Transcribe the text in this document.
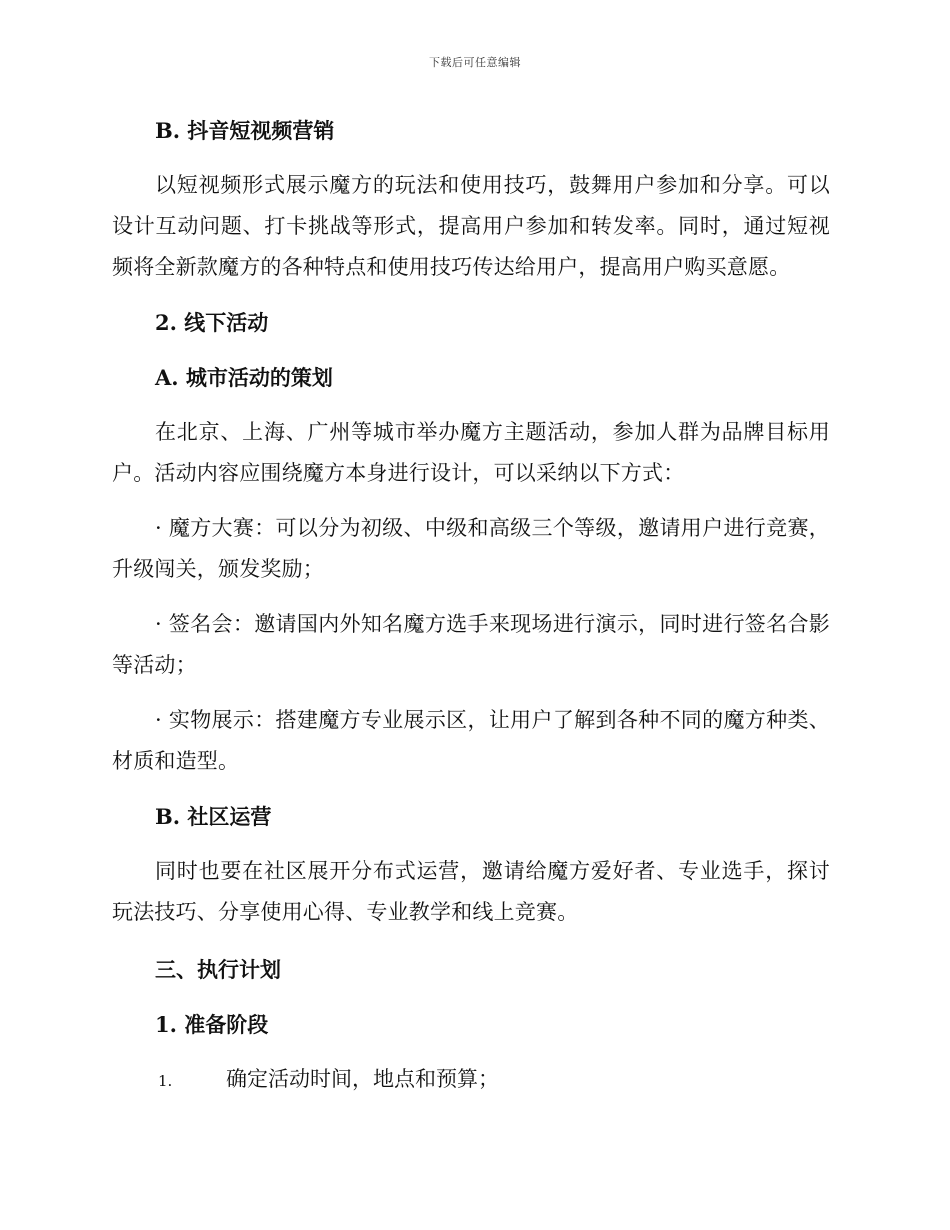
下载后可任意编辑

B. 抖音短视频营销

以短视频形式展示魔方的玩法和使用技巧，鼓舞用户参加和分享。可以设计互动问题、打卡挑战等形式，提高用户参加和转发率。同时，通过短视频将全新款魔方的各种特点和使用技巧传达给用户，提高用户购买意愿。

2. 线下活动

A. 城市活动的策划

在北京、上海、广州等城市举办魔方主题活动，参加人群为品牌目标用户。活动内容应围绕魔方本身进行设计，可以采纳以下方式：

· 魔方大赛：可以分为初级、中级和高级三个等级，邀请用户进行竞赛，升级闯关，颁发奖励；

· 签名会：邀请国内外知名魔方选手来现场进行演示，同时进行签名合影等活动；

· 实物展示：搭建魔方专业展示区，让用户了解到各种不同的魔方种类、材质和造型。

B. 社区运营

同时也要在社区展开分布式运营，邀请给魔方爱好者、专业选手，探讨玩法技巧、分享使用心得、专业教学和线上竞赛。

三、执行计划

1. 准备阶段

1.	确定活动时间，地点和预算；
